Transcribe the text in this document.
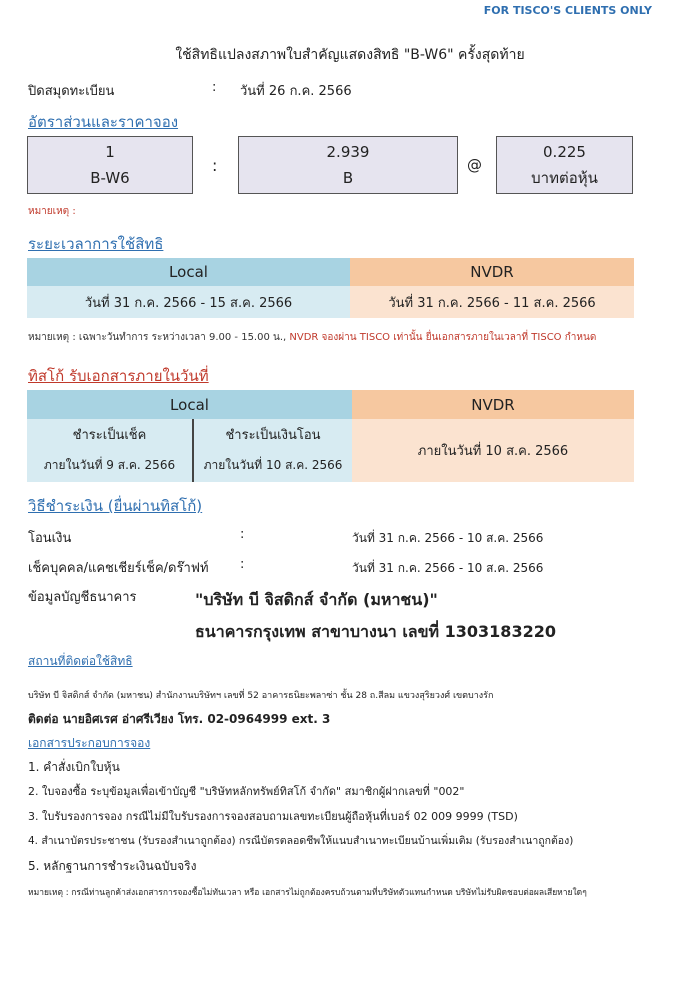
FOR TISCO'S CLIENTS ONLY
ใช้สิทธิแปลงสภาพใบสำคัญแสดงสิทธิ "B-W6" ครั้งสุดท้าย
ปิดสมุดทะเบียน	: วันที่ 26 ก.ค. 2566
อัตราส่วนและราคาจอง
1
B-W6
:
2.939
B
@
0.225
บาทต่อหุ้น
หมายเหตุ :
ระยะเวลาการใช้สิทธิ
Local	NVDR
วันที่ 31 ก.ค. 2566 - 15 ส.ค. 2566	วันที่ 31 ก.ค. 2566 - 11 ส.ค. 2566
หมายเหตุ : เฉพาะวันทำการ ระหว่างเวลา 9.00 - 15.00 น., NVDR จองผ่าน TISCO เท่านั้น ยื่นเอกสารภายในเวลาที่ TISCO กำหนด
ทิสโก้ รับเอกสารภายในวันที่
Local		NVDR
ชำระเป็นเช็ค	ชำระเป็นเงินโอน	ภายในวันที่ 10 ส.ค. 2566
ภายในวันที่ 9 ส.ค. 2566	ภายในวันที่ 10 ส.ค. 2566	
วิธีชำระเงิน (ยื่นผ่านทิสโก้)
โอนเงิน	:	วันที่ 31 ก.ค. 2566 - 10 ส.ค. 2566
เช็คบุคคล/แคชเชียร์เช็ค/ดร๊าฟท์ :	วันที่ 31 ก.ค. 2566 - 10 ส.ค. 2566
ข้อมูลบัญชีธนาคาร	"บริษัท บี จิสดิกส์ จำกัด (มหาชน)"
ธนาคารกรุงเทพ สาขาบางนา เลขที่ 1303183220
สถานที่ติดต่อใช้สิทธิ
บริษัท บี จิสดิกส์ จำกัด (มหาชน) สำนักงานบริษัทฯ เลขที่ 52 อาคารธนิยะพลาซ่า ชั้น 28 ถ.สีลม แขวงสุริยวงศ์ เขตบางรัก
ติดต่อ นายอิศเรศ อ่าศรีเวียง โทร. 02-0964999 ext. 3
เอกสารประกอบการจอง
1. คำสั่งเบิกใบหุ้น
2. ใบจองซื้อ ระบุข้อมูลเพื่อเข้าบัญชี "บริษัทหลักทรัพย์ทิสโก้ จำกัด" สมาชิกผู้ฝากเลขที่ "002"
3. ใบรับรองการจอง กรณีไม่มีใบรับรองการจองสอบถามเลขทะเบียนผู้ถือหุ้นที่เบอร์ 02 009 9999 (TSD)
4. สำเนาบัตรประชาชน (รับรองสำเนาถูกต้อง) กรณีบัตรตลอดชีพให้แนบสำเนาทะเบียนบ้านเพิ่มเติม (รับรองสำเนาถูกต้อง)
5. หลักฐานการชำระเงินฉบับจริง
หมายเหตุ : กรณีท่านลูกค้าส่งเอกสารการจองซื้อไม่ทันเวลา หรือ เอกสารไม่ถูกต้องครบถ้วนตามที่บริษัทตัวแทนกำหนด บริษัทไม่รับผิดชอบต่อผลเสียหายใดๆ
